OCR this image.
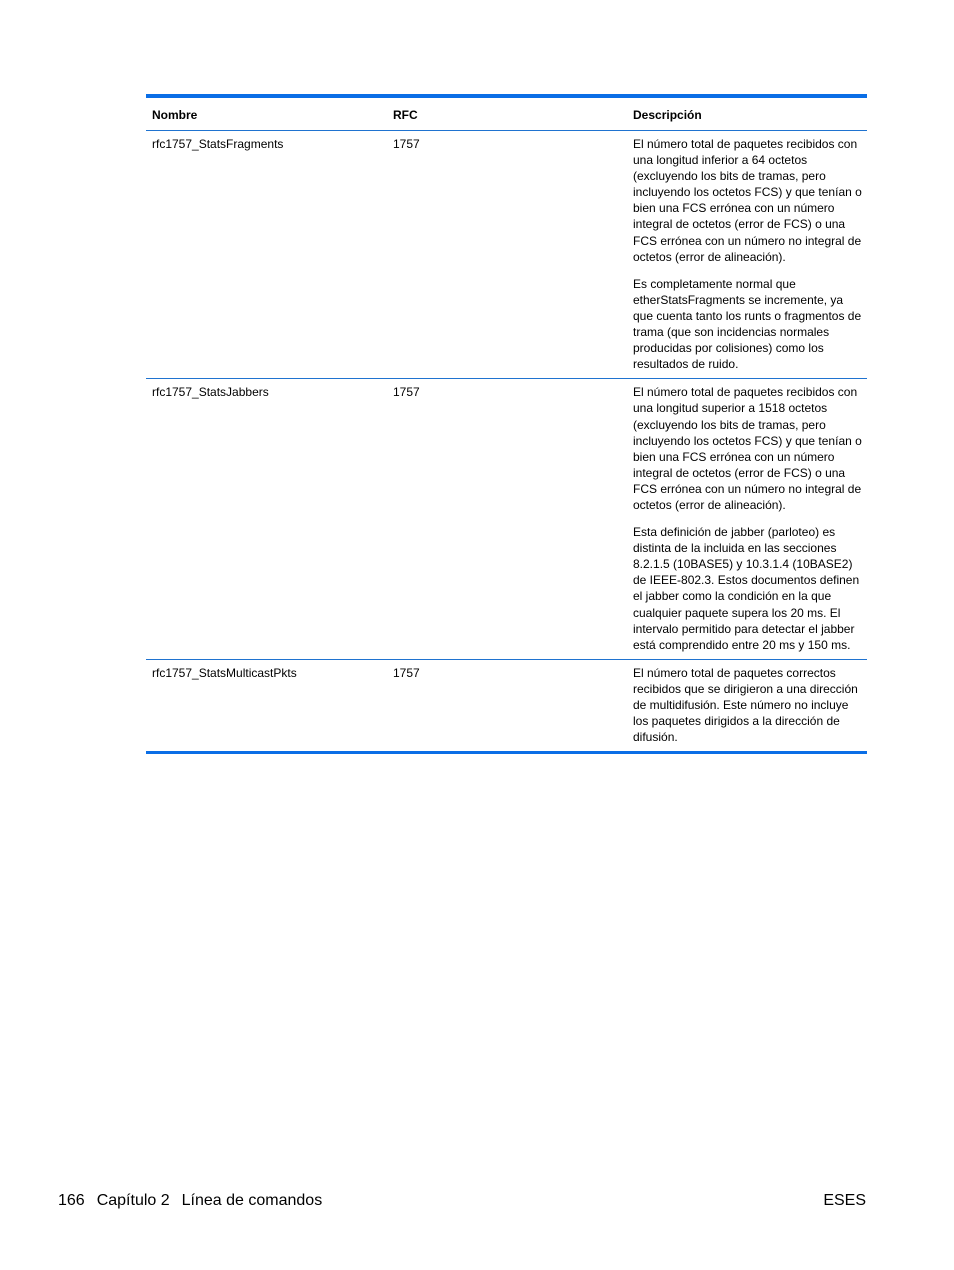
Nombre	RFC	Descripción
rfc1757_StatsFragments	1757	El número total de paquetes recibidos con una longitud inferior a 64 octetos (excluyendo los bits de tramas, pero incluyendo los octetos FCS) y que tenían o bien una FCS errónea con un número integral de octetos (error de FCS) o una FCS errónea con un número no integral de octetos (error de alineación).

Es completamente normal que etherStatsFragments se incremente, ya que cuenta tanto los runts o fragmentos de trama (que son incidencias normales producidas por colisiones) como los resultados de ruido.

rfc1757_StatsJabbers	1757	El número total de paquetes recibidos con una longitud superior a 1518 octetos (excluyendo los bits de tramas, pero incluyendo los octetos FCS) y que tenían o bien una FCS errónea con un número integral de octetos (error de FCS) o una FCS errónea con un número no integral de octetos (error de alineación).

Esta definición de jabber (parloteo) es distinta de la incluida en las secciones 8.2.1.5 (10BASE5) y 10.3.1.4 (10BASE2) de IEEE-802.3. Estos documentos definen el jabber como la condición en la que cualquier paquete supera los 20 ms. El intervalo permitido para detectar el jabber está comprendido entre 20 ms y 150 ms.

rfc1757_StatsMulticastPkts	1757	El número total de paquetes correctos recibidos que se dirigieron a una dirección de multidifusión. Este número no incluye los paquetes dirigidos a la dirección de difusión.

166 Capítulo 2 Línea de comandos	ESES
